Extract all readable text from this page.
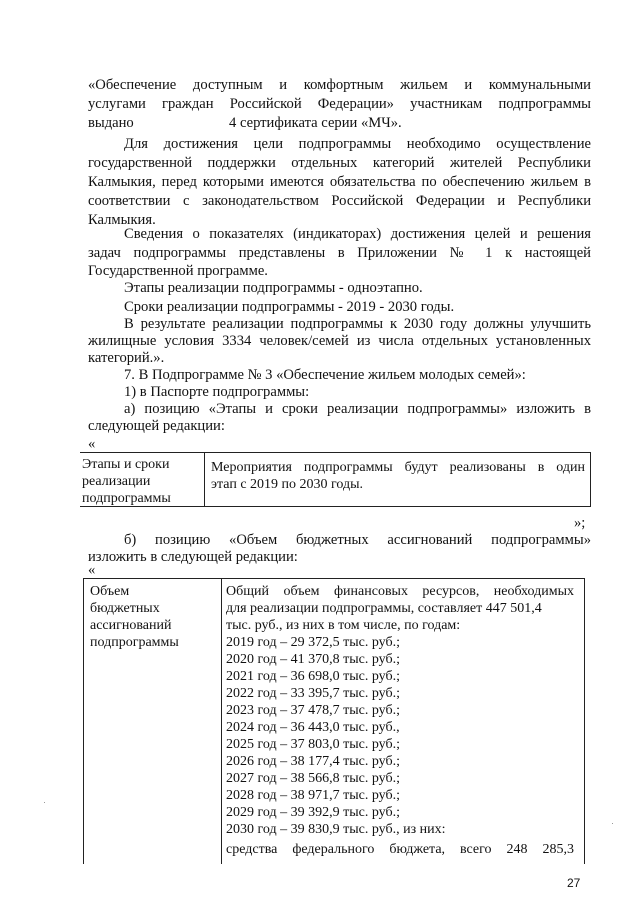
«Обеспечение доступным и комфортным жильем и коммунальными
услугами граждан Российской Федерации» участникам подпрограммы
выдано	4 сертификата серии «МЧ».
Для достижения цели подпрограммы необходимо осуществление
государственной поддержки отдельных категорий жителей Республики
Калмыкия, перед которыми имеются обязательства по обеспечению жильем в
соответствии с законодательством Российской Федерации и Республики
Калмыкия.
Сведения о показателях (индикаторах) достижения целей и решения
задач подпрограммы представлены в Приложении № 1 к настоящей
Государственной программе.
Этапы реализации подпрограммы - одноэтапно.
Сроки реализации подпрограммы - 2019 - 2030 годы.
В результате реализации подпрограммы к 2030 году должны улучшить
жилищные условия 3334 человек/семей из числа отдельных установленных
категорий.».
7. В Подпрограмме № 3 «Обеспечение жильем молодых семей»:
1) в Паспорте подпрограммы:
а) позицию «Этапы и сроки реализации подпрограммы» изложить в
следующей редакции:
«
Этапы и сроки
реализации
подпрограммы
Мероприятия подпрограммы будут реализованы в один
этап с 2019 по 2030 годы.
»;
б) позицию «Объем бюджетных ассигнований подпрограммы»
изложить в следующей редакции:
«
Объем
бюджетных
ассигнований
подпрограммы
Общий объем финансовых ресурсов, необходимых
для реализации подпрограммы, составляет 447 501,4
тыс. руб., из них в том числе, по годам:
2019 год – 29 372,5 тыс. руб.;
2020 год – 41 370,8 тыс. руб.;
2021 год – 36 698,0 тыс. руб.;
2022 год – 33 395,7 тыс. руб.;
2023 год – 37 478,7 тыс. руб.;
2024 год – 36 443,0 тыс. руб.,
2025 год – 37 803,0 тыс. руб.;
2026 год – 38 177,4 тыс. руб.;
2027 год – 38 566,8 тыс. руб.;
2028 год – 38 971,7 тыс. руб.;
2029 год – 39 392,9 тыс. руб.;
2030 год – 39 830,9 тыс. руб., из них:
средства федерального бюджета, всего 248 285,3
27
